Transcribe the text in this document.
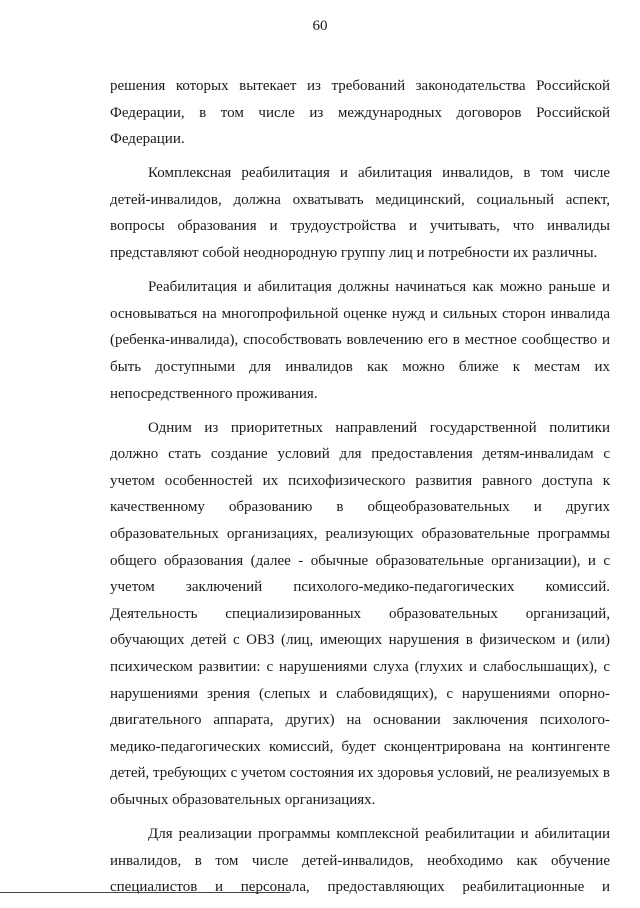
60

решения которых вытекает из требований законодательства Российской Федерации, в том числе из международных договоров Российской Федерации.

Комплексная реабилитация и абилитация инвалидов, в том числе детей-инвалидов, должна охватывать медицинский, социальный аспект, вопросы образования и трудоустройства и учитывать, что инвалиды представляют собой неоднородную группу лиц и потребности их различны.

Реабилитация и абилитация должны начинаться как можно раньше и основываться на многопрофильной оценке нужд и сильных сторон инвалида (ребенка-инвалида), способствовать вовлечению его в местное сообщество и быть доступными для инвалидов как можно ближе к местам их непосредственного проживания.

Одним из приоритетных направлений государственной политики должно стать создание условий для предоставления детям-инвалидам с учетом особенностей их психофизического развития равного доступа к качественному образованию в общеобразовательных и других образовательных организациях, реализующих образовательные программы общего образования (далее - обычные образовательные организации), и с учетом заключений психолого-медико-педагогических комиссий. Деятельность специализированных образовательных организаций, обучающих детей с ОВЗ (лиц, имеющих нарушения в физическом и (или) психическом развитии: с нарушениями слуха (глухих и слабослышащих), с нарушениями зрения (слепых и слабовидящих), с нарушениями опорно-двигательного аппарата, других) на основании заключения психолого-медико-педагогических комиссий, будет сконцентрирована на контингенте детей, требующих с учетом состояния их здоровья условий, не реализуемых в обычных образовательных организациях.

Для реализации программы комплексной реабилитации и абилитации инвалидов, в том числе детей-инвалидов, необходимо как обучение специалистов и персонала, предоставляющих реабилитационные и
